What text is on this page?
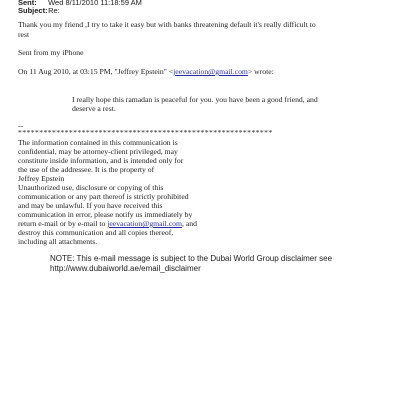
Sent: Wed 8/11/2010 11:18:59 AM
Subject: Re:
Thank you my friend ,I try to take it easy but with banks threatening default it's really difficult to
rest
Sent from my iPhone
On 11 Aug 2010, at 03:15 PM, "Jeffrey Epstein" <jeevacation@gmail.com> wrote:
I really hope this ramadan is peaceful for you. you have been a good friend, and
deserve a rest.
--
************************************************************
The information contained in this communication is
confidential, may be attorney-client privileged, may
constitute inside information, and is intended only for
the use of the addressee. It is the property of
Jeffrey Epstein
Unauthorized use, disclosure or copying of this
communication or any part thereof is strictly prohibited
and may be unlawful. If you have received this
communication in error, please notify us immediately by
return e-mail or by e-mail to jeevacation@gmail.com, and
destroy this communication and all copies thereof,
including all attachments.
NOTE: This e-mail message is subject to the Dubai World Group disclaimer see
http://www.dubaiworld.ae/email_disclaimer
